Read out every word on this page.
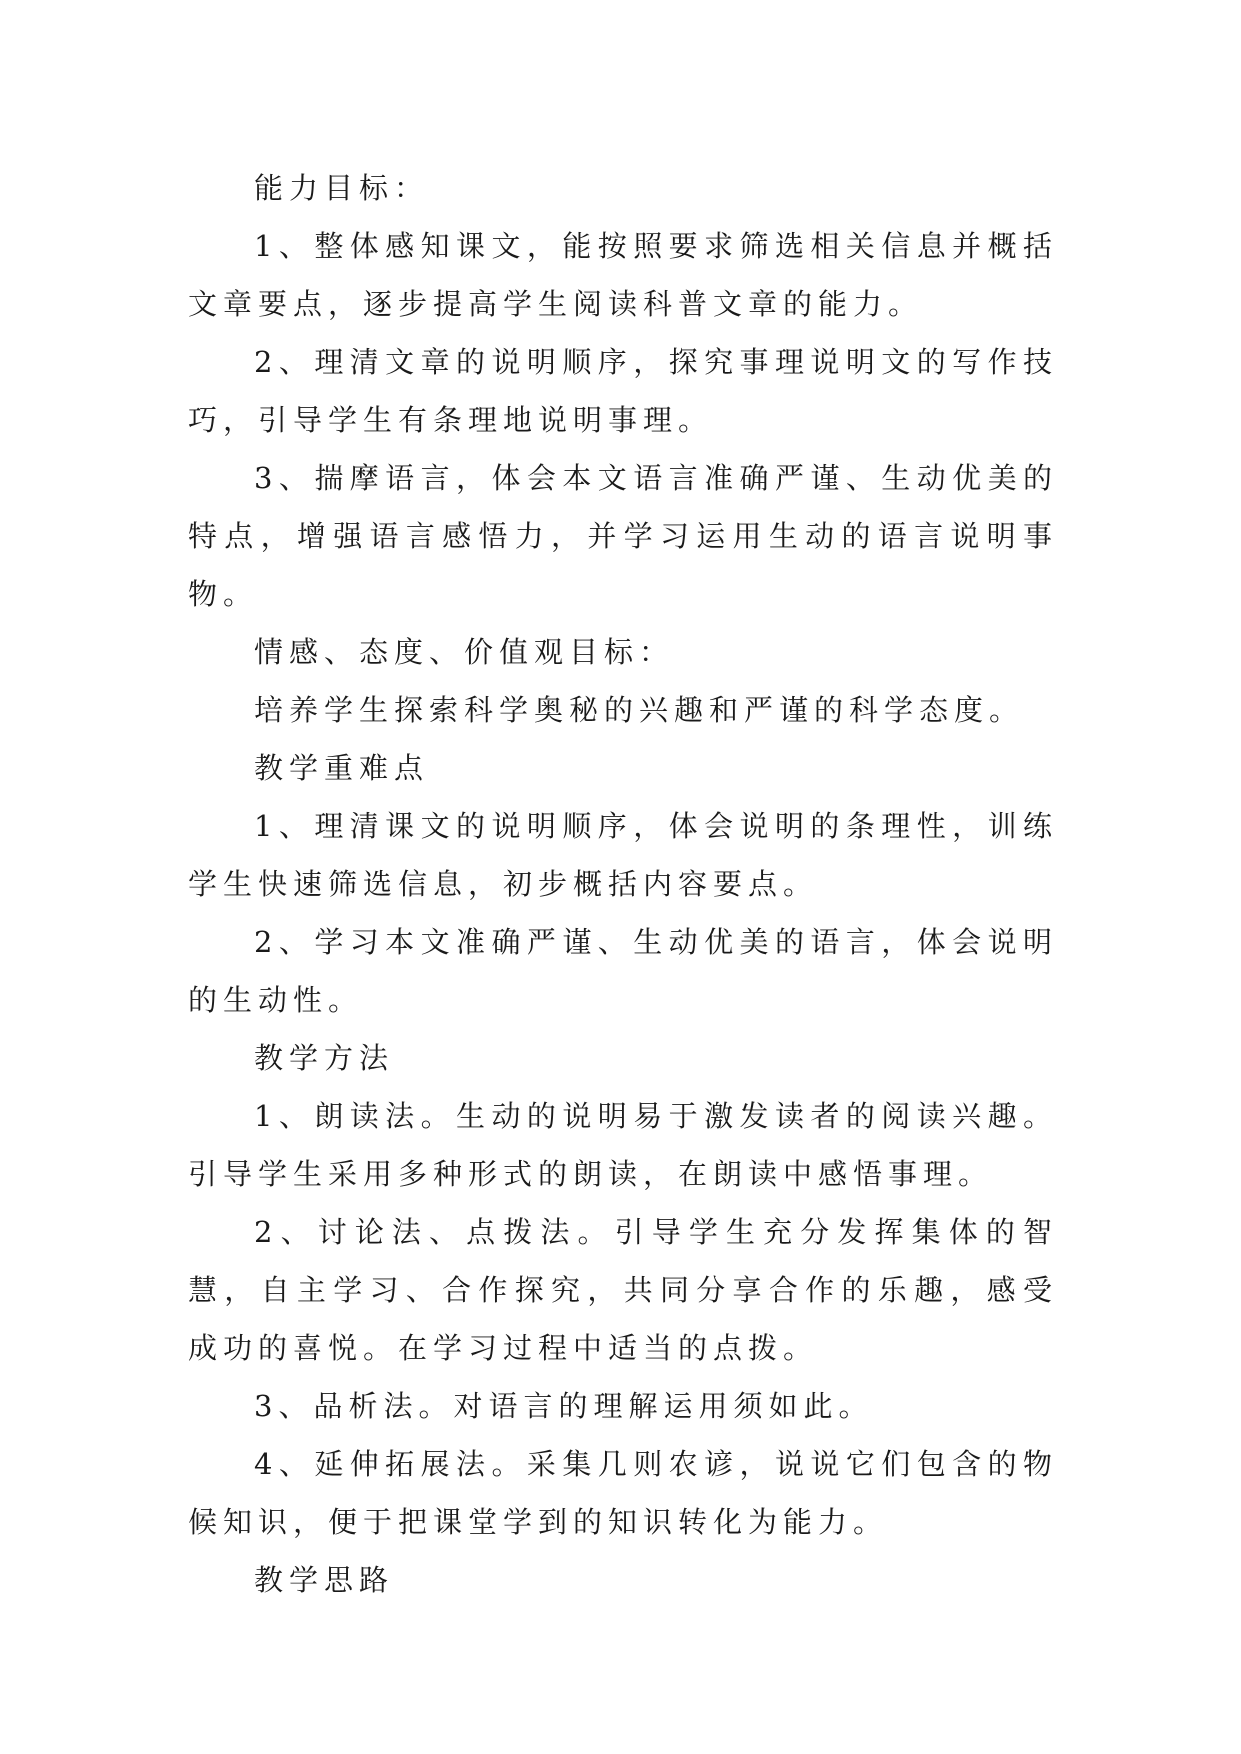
能力目标：

1、整体感知课文，能按照要求筛选相关信息并概括文章要点，逐步提高学生阅读科普文章的能力。

2、理清文章的说明顺序，探究事理说明文的写作技巧，引导学生有条理地说明事理。

3、揣摩语言，体会本文语言准确严谨、生动优美的特点，增强语言感悟力，并学习运用生动的语言说明事物。

情感、态度、价值观目标：

培养学生探索科学奥秘的兴趣和严谨的科学态度。

教学重难点

1、理清课文的说明顺序，体会说明的条理性，训练学生快速筛选信息，初步概括内容要点。

2、学习本文准确严谨、生动优美的语言，体会说明的生动性。

教学方法

1、朗读法。生动的说明易于激发读者的阅读兴趣。引导学生采用多种形式的朗读，在朗读中感悟事理。

2、讨论法、点拨法。引导学生充分发挥集体的智慧，自主学习、合作探究，共同分享合作的乐趣，感受成功的喜悦。在学习过程中适当的点拨。

3、品析法。对语言的理解运用须如此。

4、延伸拓展法。采集几则农谚，说说它们包含的物候知识，便于把课堂学到的知识转化为能力。

教学思路
